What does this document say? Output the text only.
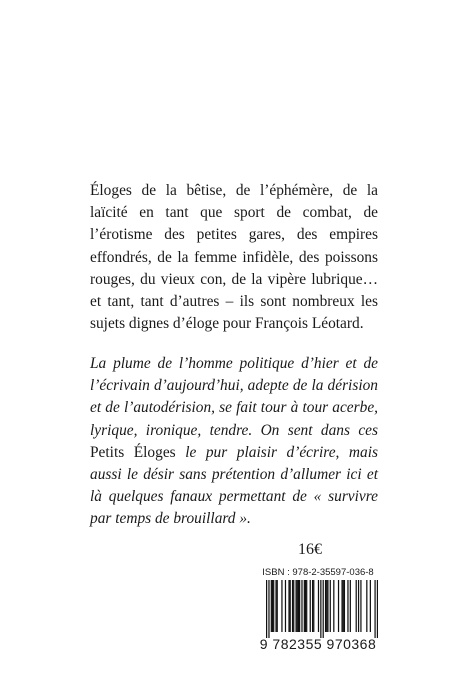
Éloges de la bêtise, de l’éphémère, de la laïcité en tant que sport de combat, de l’érotisme des petites gares, des empires effondrés, de la femme infidèle, des poissons rouges, du vieux con, de la vipère lubrique… et tant, tant d’autres – ils sont nombreux les sujets dignes d’éloge pour François Léotard.

La plume de l’homme politique d’hier et de l’écrivain d’aujourd’hui, adepte de la dérision et de l’autodérision, se fait tour à tour acerbe, lyrique, ironique, tendre. On sent dans ces Petits Éloges le pur plaisir d’écrire, mais aussi le désir sans prétention d’allumer ici et là quelques fanaux permettant de « survivre par temps de brouillard ».

16€
ISBN : 978-2-35597-036-8
9 782355 970368
